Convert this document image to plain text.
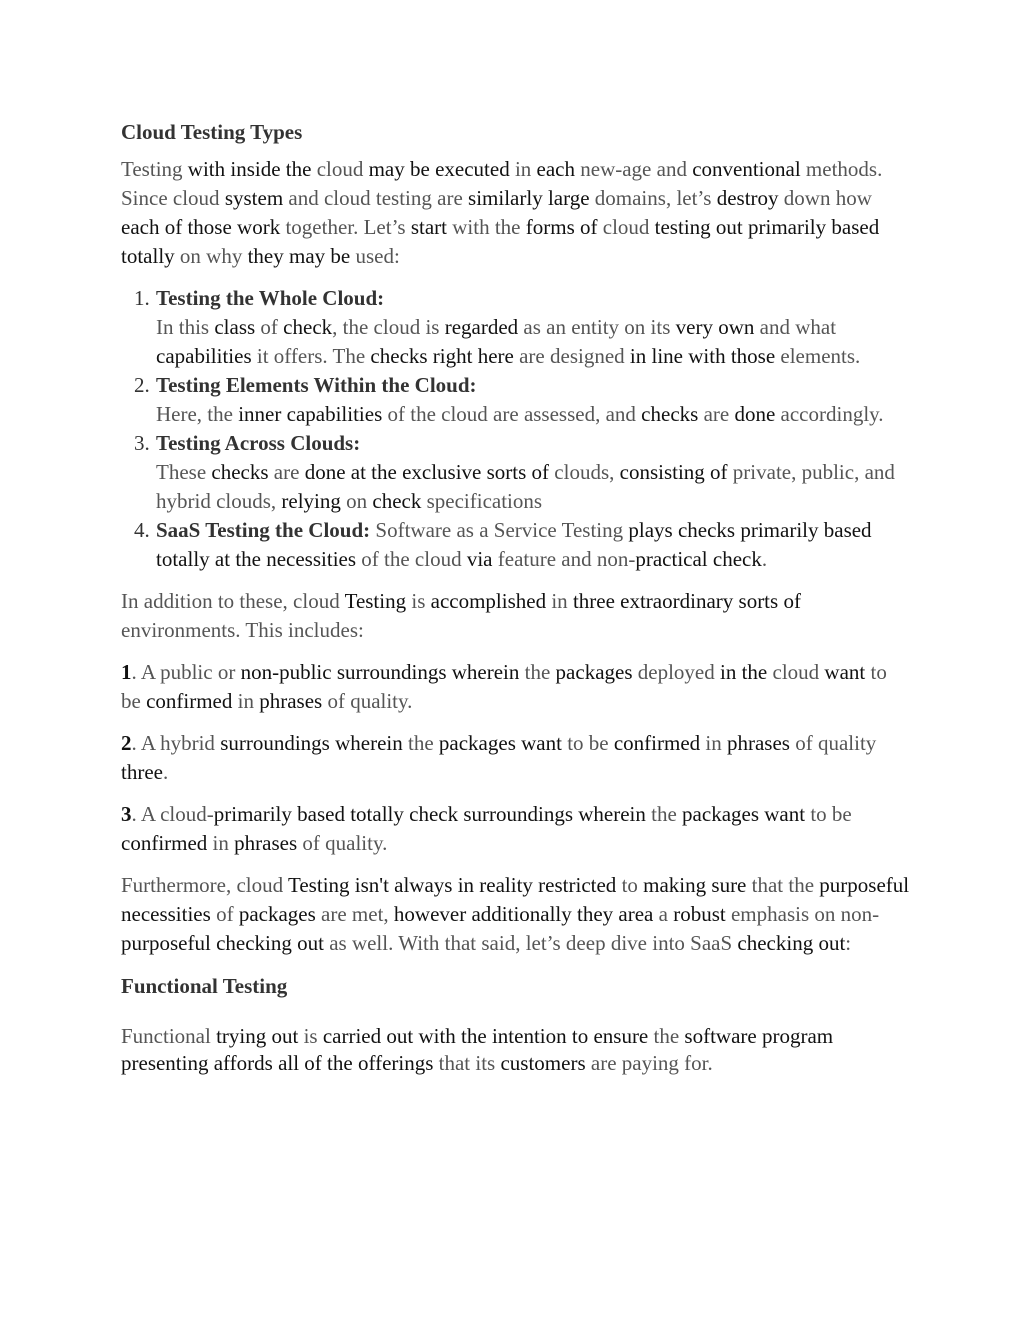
Cloud Testing Types

Testing with inside the cloud may be executed in each new-age and conventional methods. Since cloud system and cloud testing are similarly large domains, let’s destroy down how each of those work together. Let’s start with the forms of cloud testing out primarily based totally on why they may be used:

1. Testing the Whole Cloud:
In this class of check, the cloud is regarded as an entity on its very own and what capabilities it offers. The checks right here are designed in line with those elements.
2. Testing Elements Within the Cloud:
Here, the inner capabilities of the cloud are assessed, and checks are done accordingly.
3. Testing Across Clouds:
These checks are done at the exclusive sorts of clouds, consisting of private, public, and hybrid clouds, relying on check specifications
4. SaaS Testing the Cloud: Software as a Service Testing plays checks primarily based totally at the necessities of the cloud via feature and non-practical check.

In addition to these, cloud Testing is accomplished in three extraordinary sorts of environments. This includes:

1. A public or non-public surroundings wherein the packages deployed in the cloud want to be confirmed in phrases of quality.

2. A hybrid surroundings wherein the packages want to be confirmed in phrases of quality three.

3. A cloud-primarily based totally check surroundings wherein the packages want to be confirmed in phrases of quality.

Furthermore, cloud Testing isn't always in reality restricted to making sure that the purposeful necessities of packages are met, however additionally they area a robust emphasis on non-purposeful checking out as well. With that said, let’s deep dive into SaaS checking out:

Functional Testing

Functional trying out is carried out with the intention to ensure the software program presenting affords all of the offerings that its customers are paying for.
